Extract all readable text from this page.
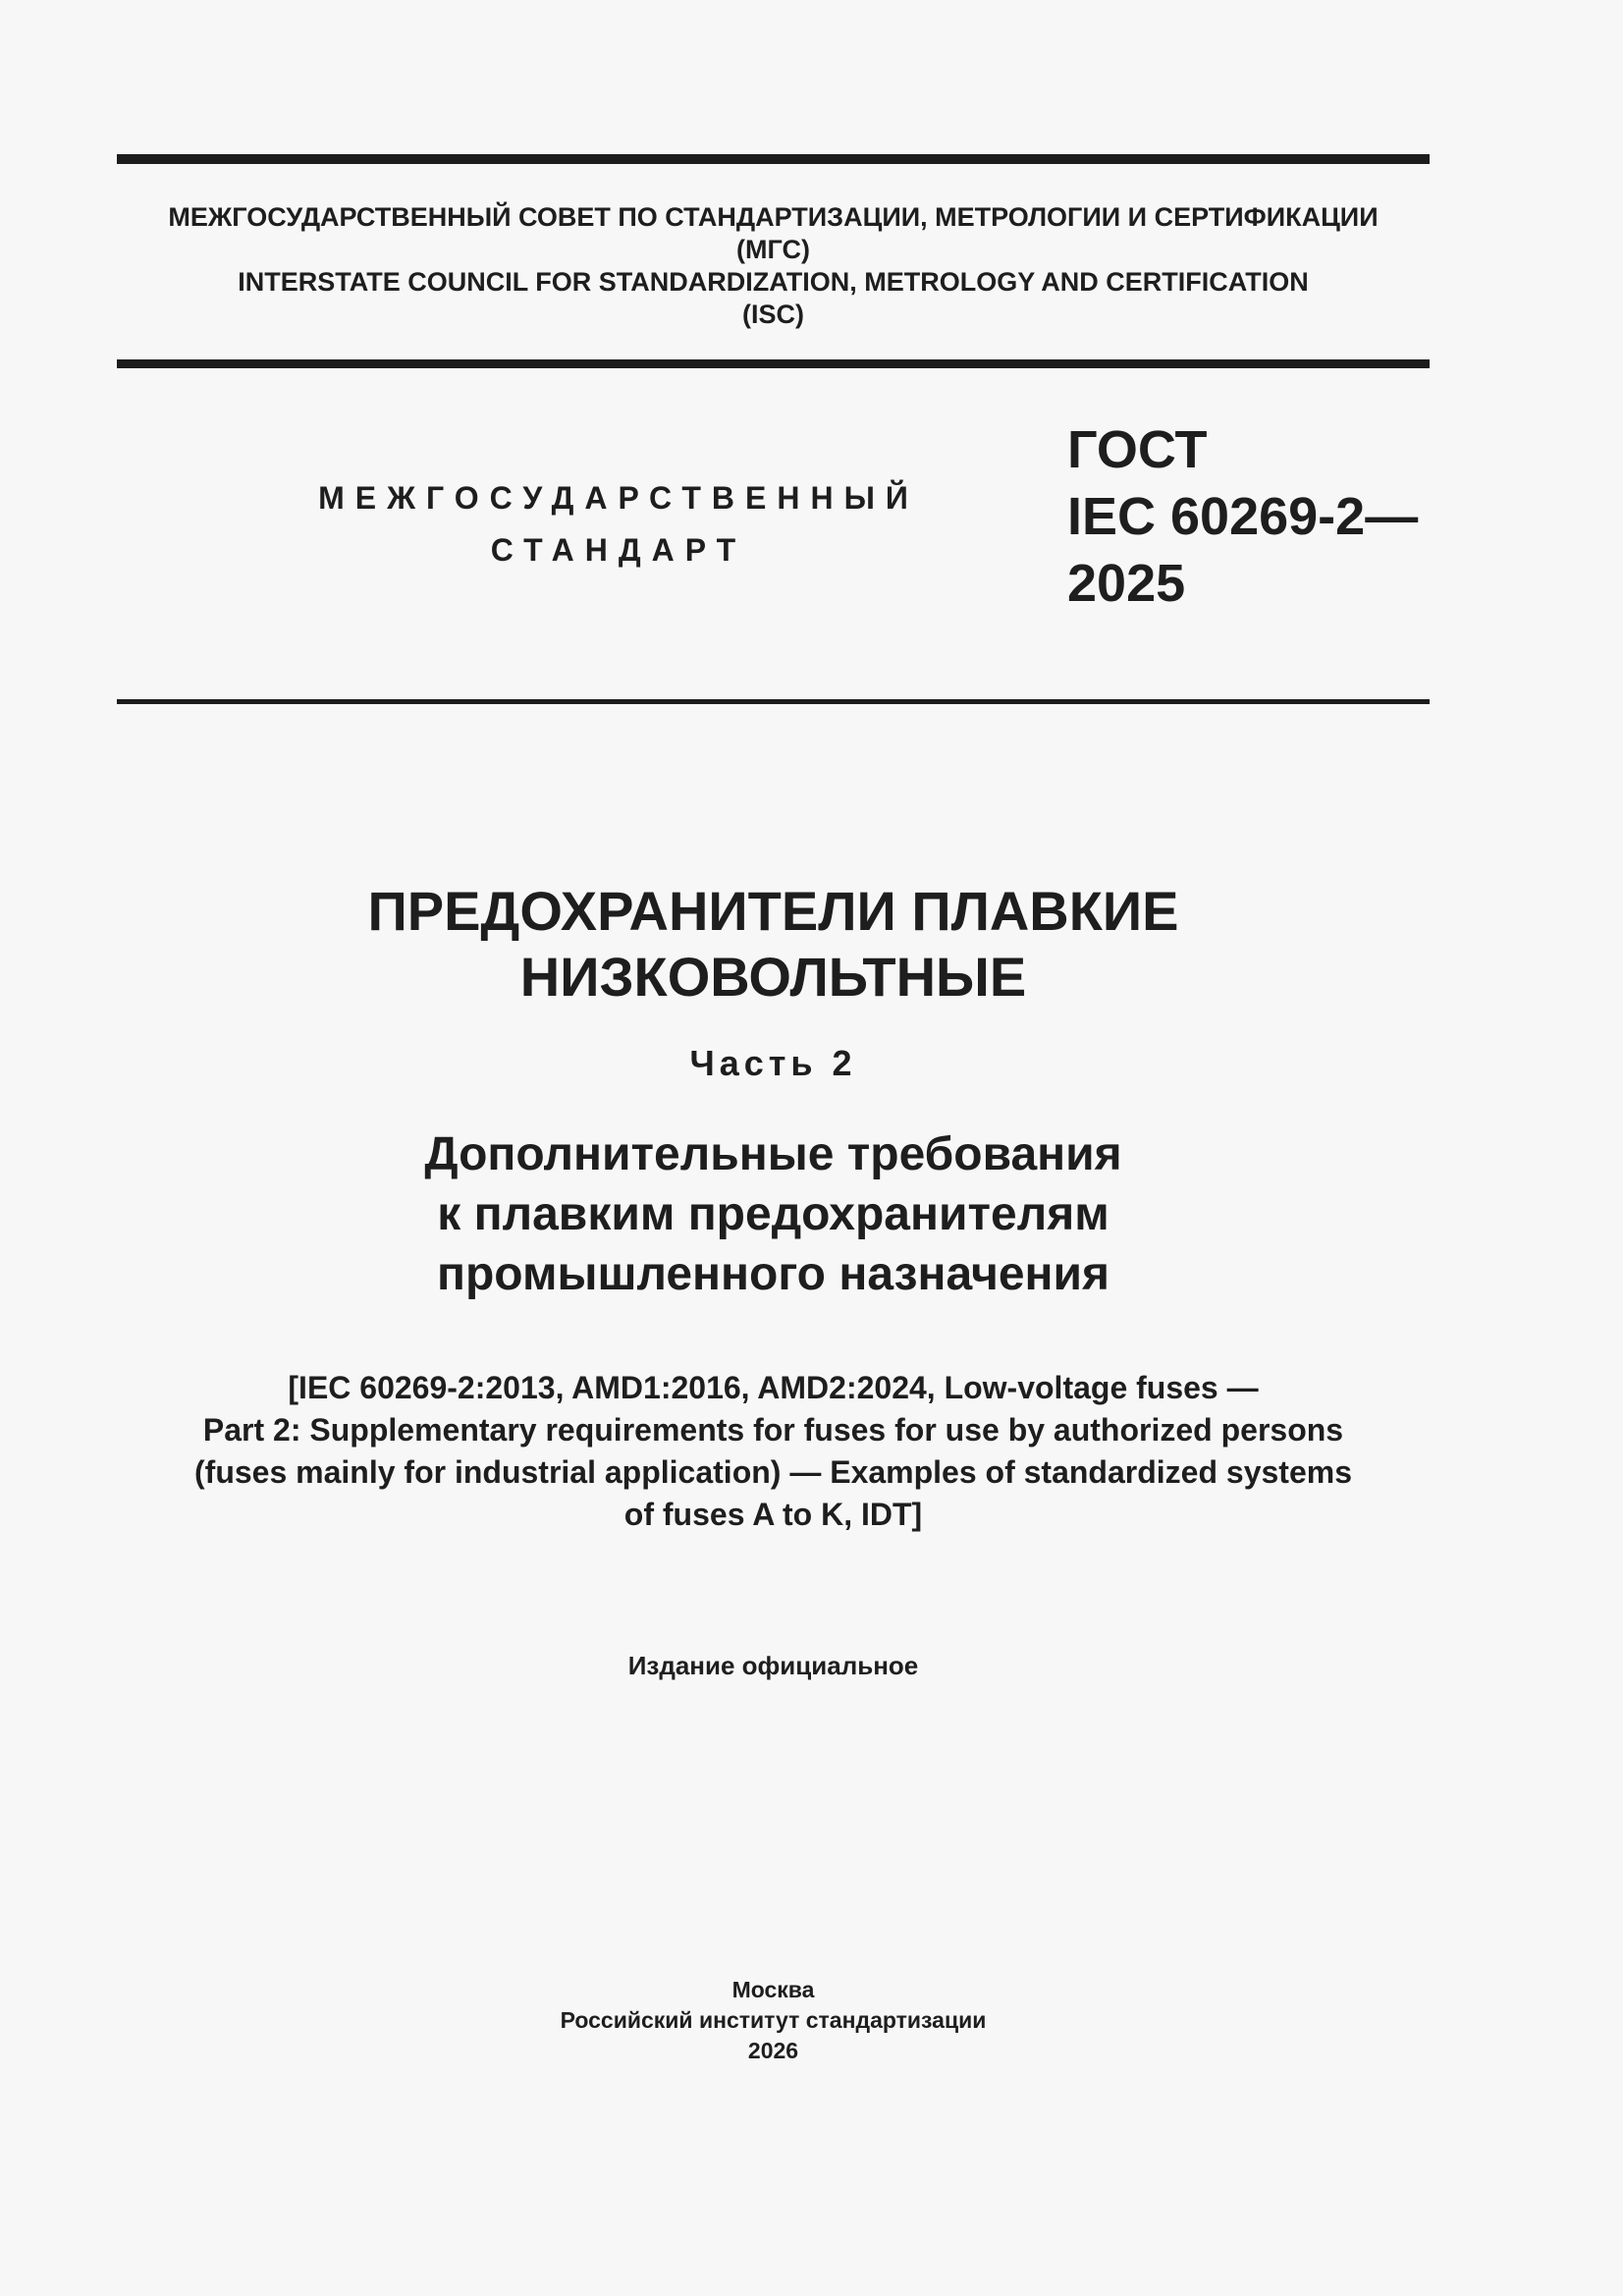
МЕЖГОСУДАРСТВЕННЫЙ СОВЕТ ПО СТАНДАРТИЗАЦИИ, МЕТРОЛОГИИ И СЕРТИФИКАЦИИ
(МГС)
INTERSTATE COUNCIL FOR STANDARDIZATION, METROLOGY AND CERTIFICATION
(ISC)
МЕЖГОСУДАРСТВЕННЫЙ
СТАНДАРТ
ГОСТ
IEC 60269-2—
2025
ПРЕДОХРАНИТЕЛИ ПЛАВКИЕ
НИЗКОВОЛЬТНЫЕ
Часть 2
Дополнительные требования
к плавким предохранителям
промышленного назначения
[IEC 60269-2:2013, AMD1:2016, AMD2:2024, Low-voltage fuses —
Part 2: Supplementary requirements for fuses for use by authorized persons
(fuses mainly for industrial application) — Examples of standardized systems
of fuses A to K, IDT]
Издание официальное
Москва
Российский институт стандартизации
2026
